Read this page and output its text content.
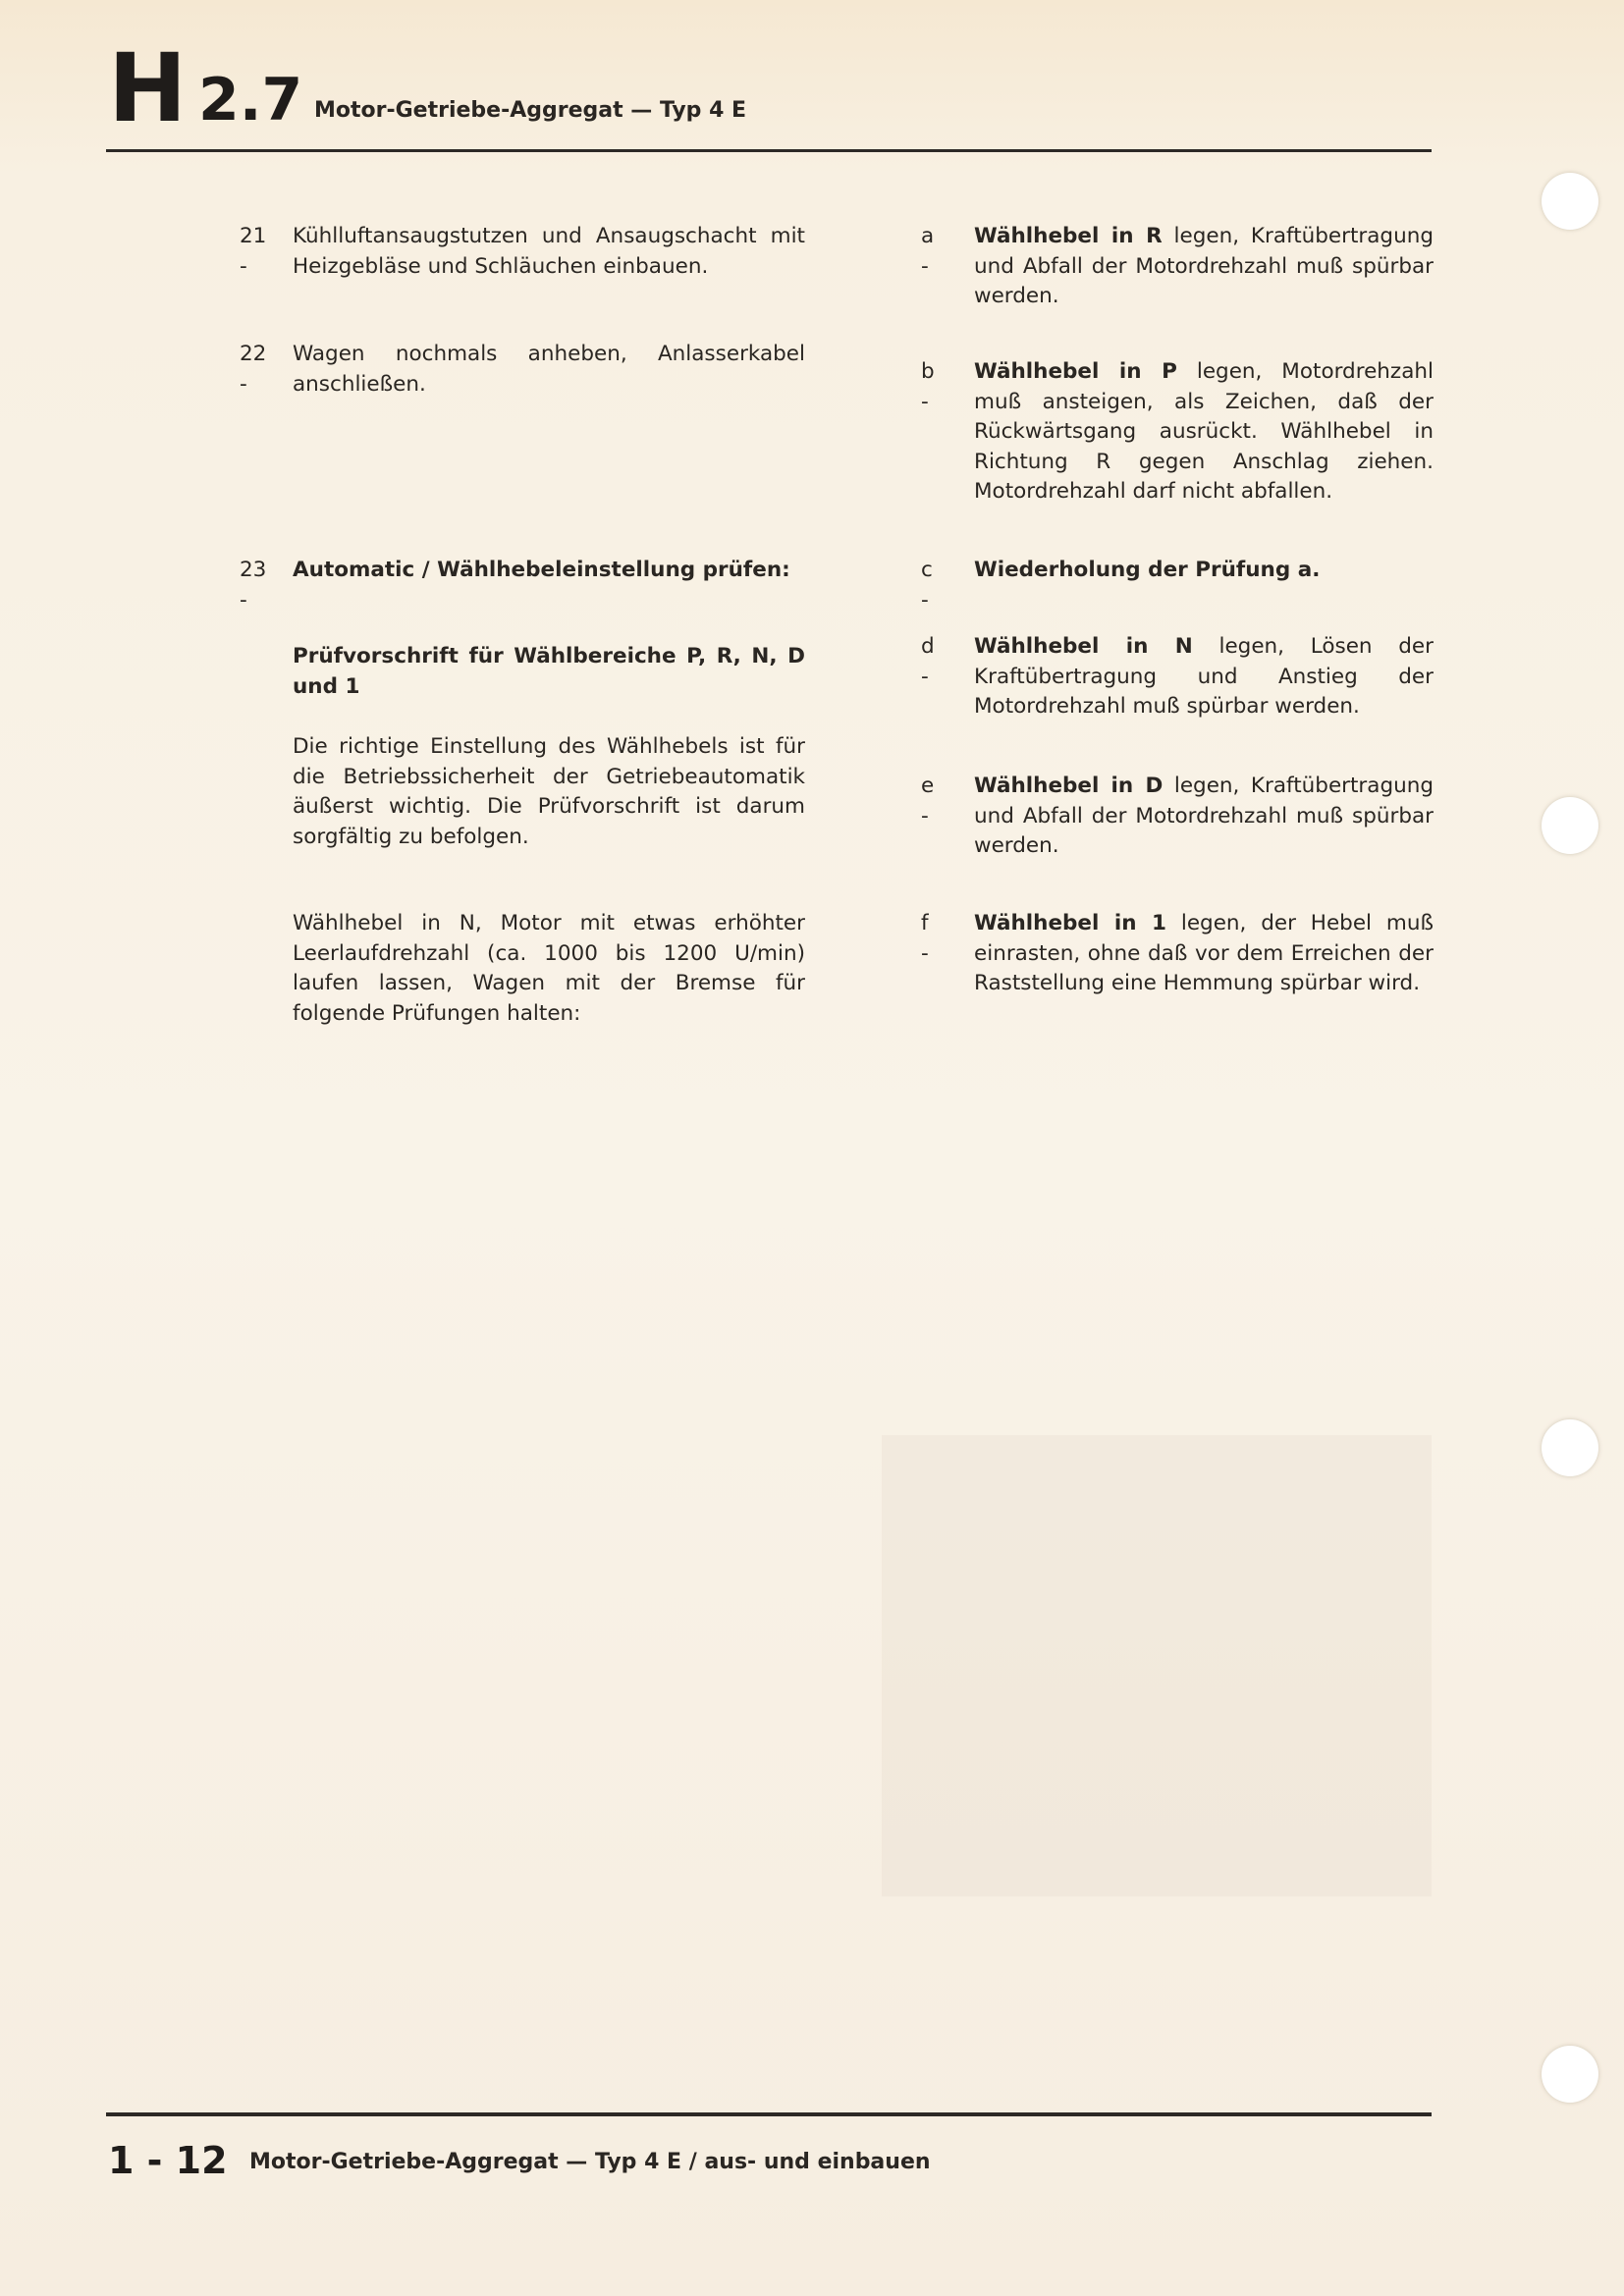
H 2.7 Motor-Getriebe-Aggregat — Typ 4 E
21 -
Kühlluftansaugstutzen und Ansaugschacht mit Heizgebläse und Schläuchen einbauen.
22 -
Wagen nochmals anheben, Anlasserkabel anschließen.
23 -
Automatic / Wählhebeleinstellung prüfen:
Prüfvorschrift für Wählbereiche P, R, N, D und 1
Die richtige Einstellung des Wählhebels ist für die Betriebssicherheit der Getriebeautomatik äußerst wichtig. Die Prüfvorschrift ist darum sorgfältig zu befolgen.
Wählhebel in N, Motor mit etwas erhöhter Leerlaufdrehzahl (ca. 1000 bis 1200 U/min) laufen lassen, Wagen mit der Bremse für folgende Prüfungen halten:
a -
Wählhebel in R legen, Kraftübertragung und Abfall der Motordrehzahl muß spürbar werden.
b -
Wählhebel in P legen, Motordrehzahl muß ansteigen, als Zeichen, daß der Rückwärtsgang ausrückt. Wählhebel in Richtung R gegen Anschlag ziehen. Motordrehzahl darf nicht abfallen.
c -
Wiederholung der Prüfung a.
d -
Wählhebel in N legen, Lösen der Kraftübertragung und Anstieg der Motordrehzahl muß spürbar werden.
e -
Wählhebel in D legen, Kraftübertragung und Abfall der Motordrehzahl muß spürbar werden.
f -
Wählhebel in 1 legen, der Hebel muß einrasten, ohne daß vor dem Erreichen der Raststellung eine Hemmung spürbar wird.
1 - 12 Motor-Getriebe-Aggregat — Typ 4 E / aus- und einbauen
